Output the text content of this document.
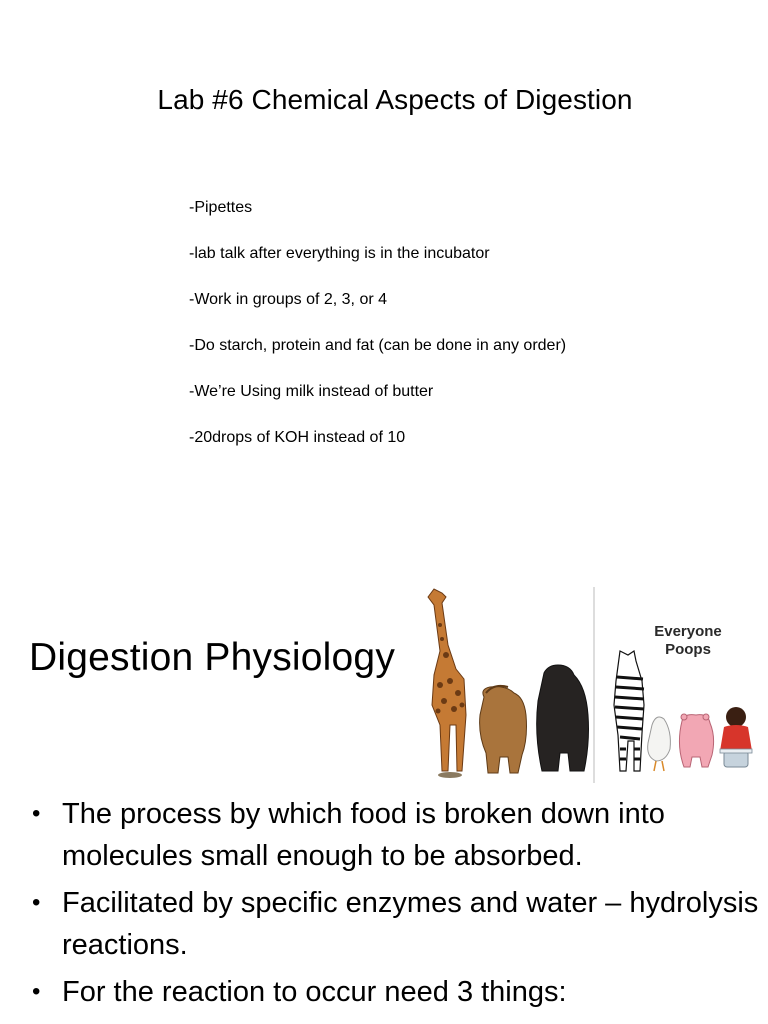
Lab #6 Chemical Aspects of Digestion
-Pipettes
-lab talk after everything is in the incubator
-Work in groups of 2, 3, or 4
-Do starch, protein and fat (can be done in any order)
-We’re Using milk instead of butter
-20drops of KOH instead of 10
Digestion Physiology
Everyone
Poops
• The process by which food is broken down into molecules small enough to be absorbed.
• Facilitated by specific enzymes and water – hydrolysis reactions.
• For the reaction to occur need 3 things:
